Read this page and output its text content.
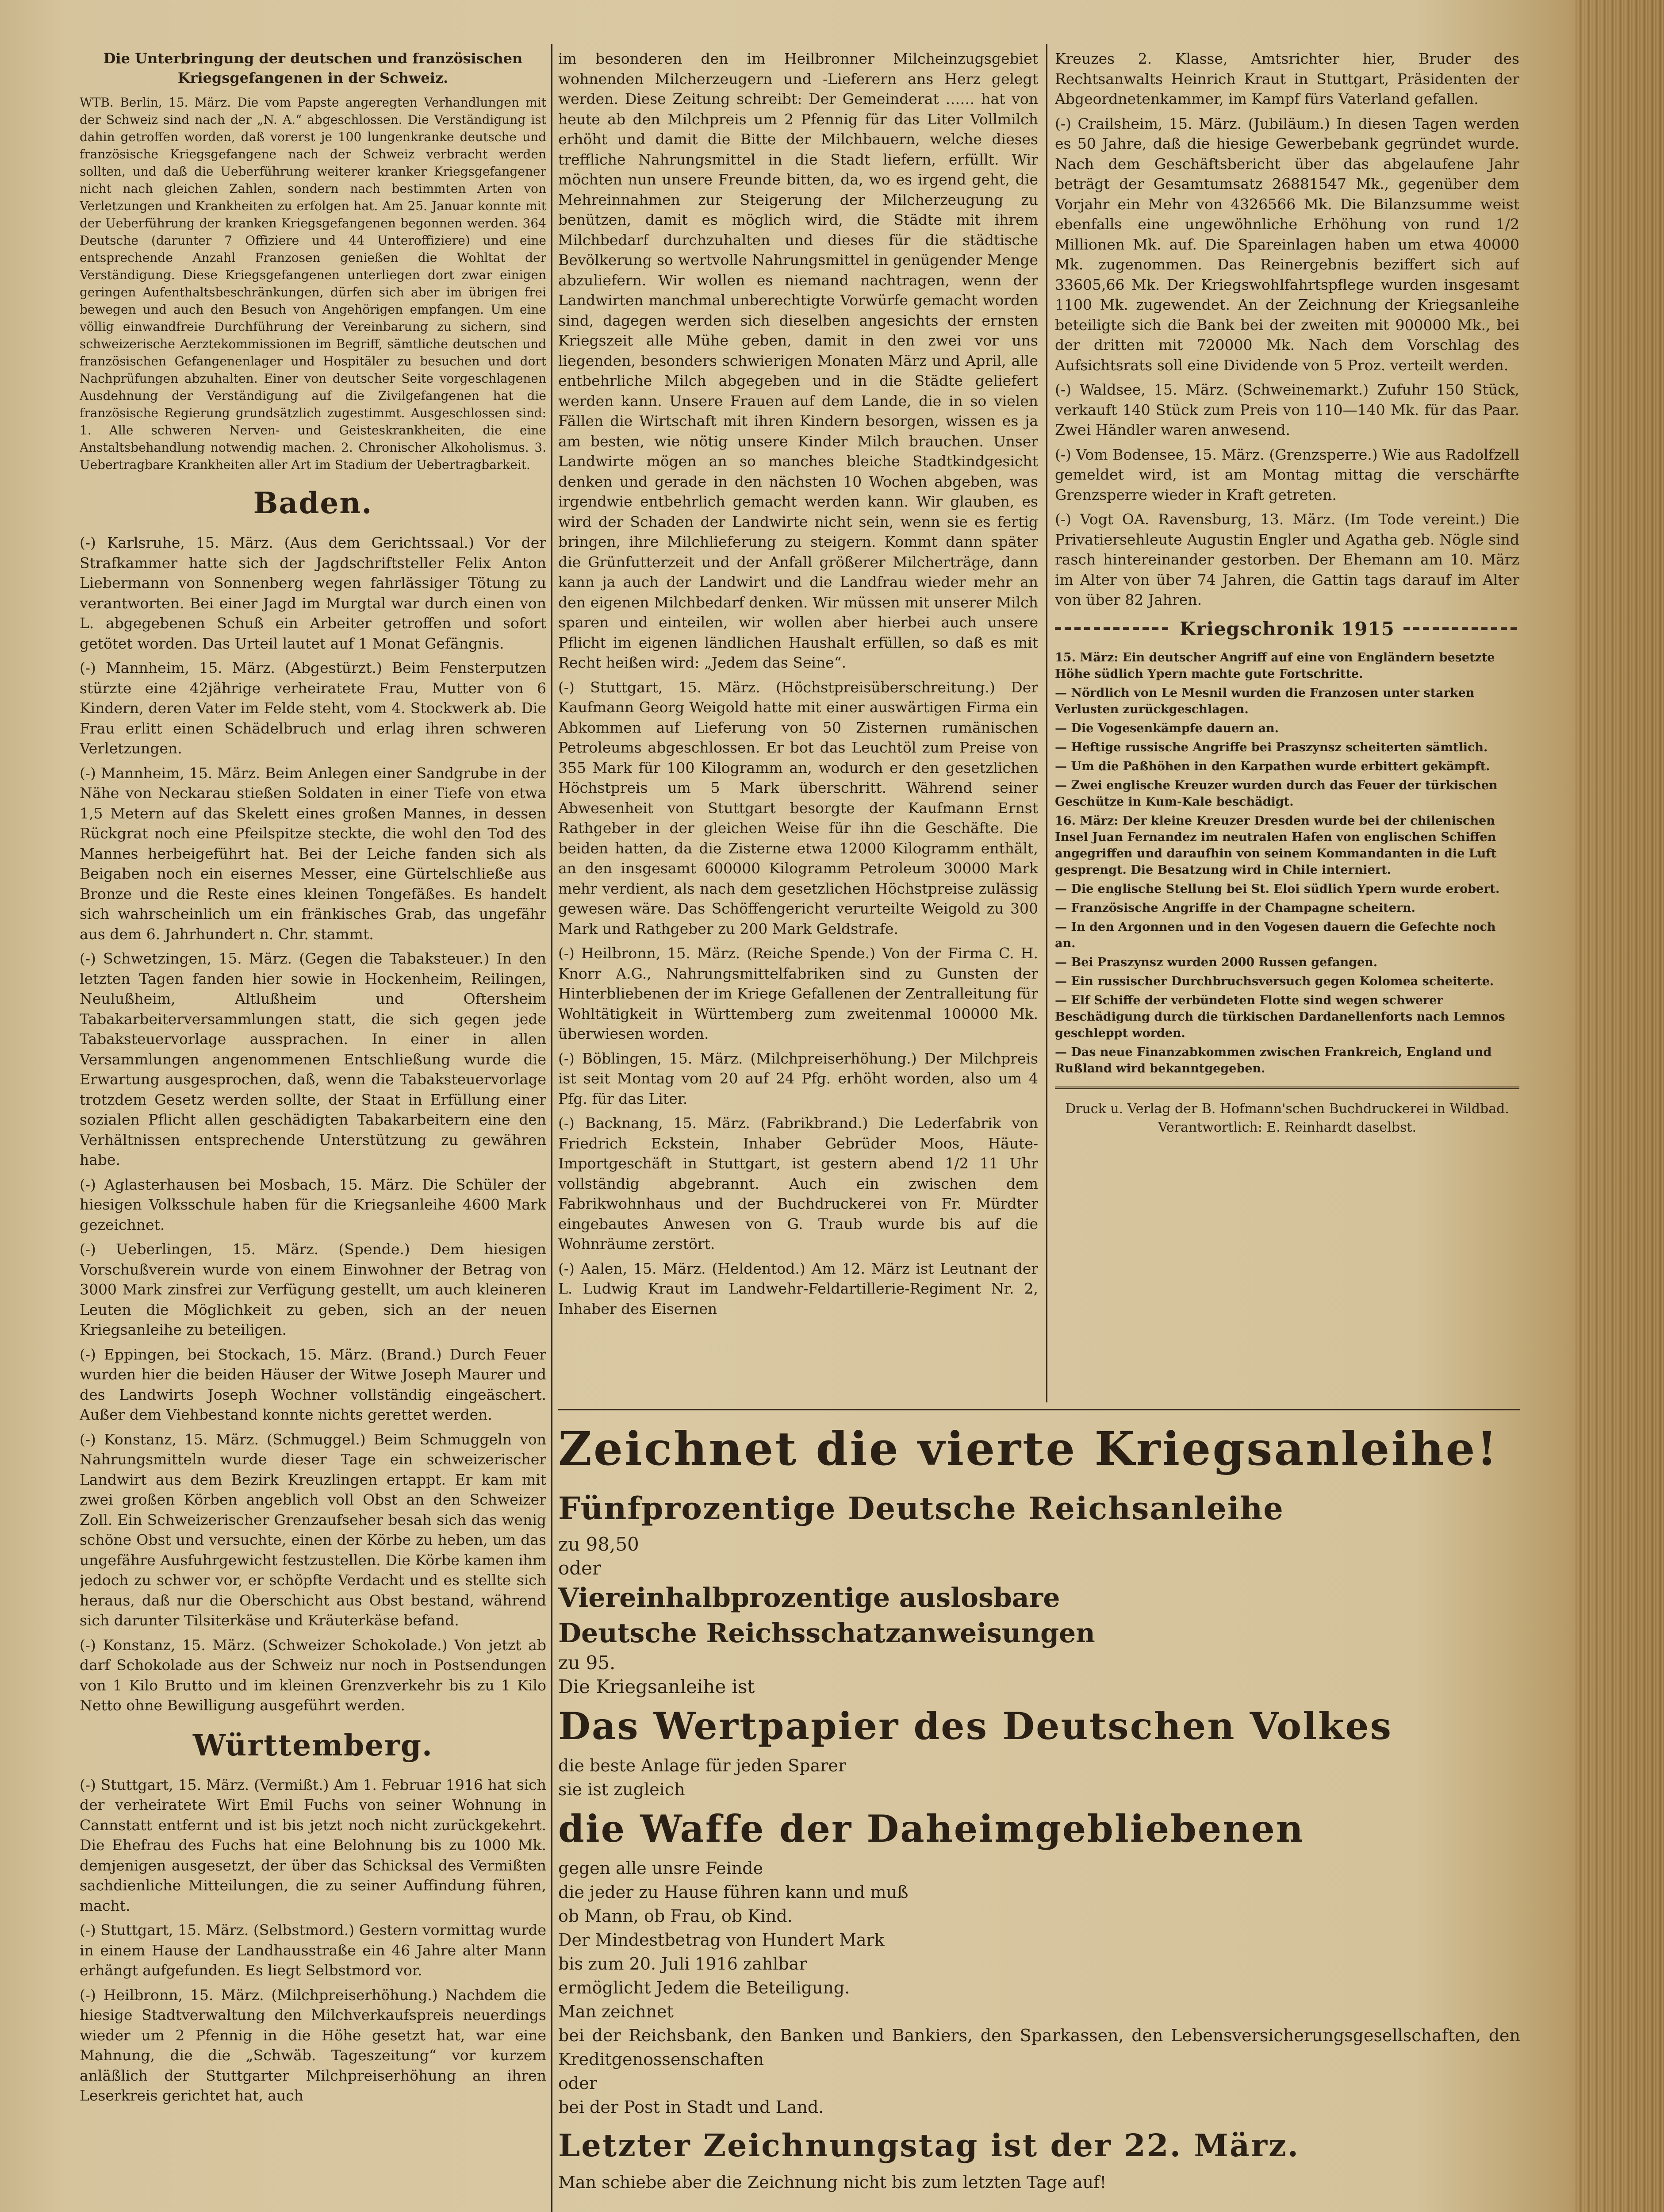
Die Unterbringung der deutschen und französischen Kriegsgefangenen in der Schweiz.

WTB. Berlin, 15. März. Die vom Papste angeregten Verhandlungen mit der Schweiz sind nach der „N. A.“ abgeschlossen. Die Verständigung ist dahin getroffen worden, daß vorerst je 100 lungenkranke deutsche und französische Kriegsgefangene nach der Schweiz verbracht werden sollten, und daß die Ueberführung weiterer kranker Kriegsgefangener nicht nach gleichen Zahlen, sondern nach bestimmten Arten von Verletzungen und Krankheiten zu erfolgen hat. Am 25. Januar konnte mit der Ueberführung der kranken Kriegsgefangenen begonnen werden. 364 Deutsche (darunter 7 Offiziere und 44 Unteroffiziere) und eine entsprechende Anzahl Franzosen genießen die Wohltat der Verständigung. Diese Kriegsgefangenen unterliegen dort zwar einigen geringen Aufenthaltsbeschränkungen, dürfen sich aber im übrigen frei bewegen und auch den Besuch von Angehörigen empfangen. Um eine völlig einwandfreie Durchführung der Vereinbarung zu sichern, sind schweizerische Aerztekommissionen im Begriff, sämtliche deutschen und französischen Gefangenenlager und Hospitäler zu besuchen und dort Nachprüfungen abzuhalten. Einer von deutscher Seite vorgeschlagenen Ausdehnung der Verständigung auf die Zivilgefangenen hat die französische Regierung grundsätzlich zugestimmt. Ausgeschlossen sind: 1. Alle schweren Nerven- und Geisteskrankheiten, die eine Anstaltsbehandlung notwendig machen. 2. Chronischer Alkoholismus. 3. Uebertragbare Krankheiten aller Art im Stadium der Uebertragbarkeit.

Baden.

(-) Karlsruhe, 15. März. (Aus dem Gerichtssaal.) Vor der Strafkammer hatte sich der Jagdschriftsteller Felix Anton Liebermann von Sonnenberg wegen fahrlässiger Tötung zu verantworten. Bei einer Jagd im Murgtal war durch einen von L. abgegebenen Schuß ein Arbeiter getroffen und sofort getötet worden. Das Urteil lautet auf 1 Monat Gefängnis.

(-) Mannheim, 15. März. (Abgestürzt.) Beim Fensterputzen stürzte eine 42jährige verheiratete Frau, Mutter von 6 Kindern, deren Vater im Felde steht, vom 4. Stockwerk ab. Die Frau erlitt einen Schädelbruch und erlag ihren schweren Verletzungen.

(-) Mannheim, 15. März. Beim Anlegen einer Sandgrube in der Nähe von Neckarau stießen Soldaten in einer Tiefe von etwa 1,5 Metern auf das Skelett eines großen Mannes, in dessen Rückgrat noch eine Pfeilspitze steckte, die wohl den Tod des Mannes herbeigeführt hat. Bei der Leiche fanden sich als Beigaben noch ein eisernes Messer, eine Gürtelschließe aus Bronze und die Reste eines kleinen Tongefäßes. Es handelt sich wahrscheinlich um ein fränkisches Grab, das ungefähr aus dem 6. Jahrhundert n. Chr. stammt.

(-) Schwetzingen, 15. März. (Gegen die Tabaksteuer.) In den letzten Tagen fanden hier sowie in Hockenheim, Reilingen, Neulußheim, Altlußheim und Oftersheim Tabakarbeiterversammlungen statt, die sich gegen jede Tabaksteuervorlage aussprachen. In einer in allen Versammlungen angenommenen Entschließung wurde die Erwartung ausgesprochen, daß, wenn die Tabaksteuervorlage trotzdem Gesetz werden sollte, der Staat in Erfüllung einer sozialen Pflicht allen geschädigten Tabakarbeitern eine den Verhältnissen entsprechende Unterstützung zu gewähren habe.

(-) Aglasterhausen bei Mosbach, 15. März. Die Schüler der hiesigen Volksschule haben für die Kriegsanleihe 4600 Mark gezeichnet.

(-) Ueberlingen, 15. März. (Spende.) Dem hiesigen Vorschußverein wurde von einem Einwohner der Betrag von 3000 Mark zinsfrei zur Verfügung gestellt, um auch kleineren Leuten die Möglichkeit zu geben, sich an der neuen Kriegsanleihe zu beteiligen.

(-) Eppingen, bei Stockach, 15. März. (Brand.) Durch Feuer wurden hier die beiden Häuser der Witwe Joseph Maurer und des Landwirts Joseph Wochner vollständig eingeäschert. Außer dem Viehbestand konnte nichts gerettet werden.

(-) Konstanz, 15. März. (Schmuggel.) Beim Schmuggeln von Nahrungsmitteln wurde dieser Tage ein schweizerischer Landwirt aus dem Bezirk Kreuzlingen ertappt. Er kam mit zwei großen Körben angeblich voll Obst an den Schweizer Zoll. Ein Schweizerischer Grenzaufseher besah sich das wenig schöne Obst und versuchte, einen der Körbe zu heben, um das ungefähre Ausfuhrgewicht festzustellen. Die Körbe kamen ihm jedoch zu schwer vor, er schöpfte Verdacht und es stellte sich heraus, daß nur die Oberschicht aus Obst bestand, während sich darunter Tilsiterkäse und Kräuterkäse befand.

(-) Konstanz, 15. März. (Schweizer Schokolade.) Von jetzt ab darf Schokolade aus der Schweiz nur noch in Postsendungen von 1 Kilo Brutto und im kleinen Grenzverkehr bis zu 1 Kilo Netto ohne Bewilligung ausgeführt werden.

Württemberg.

(-) Stuttgart, 15. März. (Vermißt.) Am 1. Februar 1916 hat sich der verheiratete Wirt Emil Fuchs von seiner Wohnung in Cannstatt entfernt und ist bis jetzt noch nicht zurückgekehrt. Die Ehefrau des Fuchs hat eine Belohnung bis zu 1000 Mk. demjenigen ausgesetzt, der über das Schicksal des Vermißten sachdienliche Mitteilungen, die zu seiner Auffindung führen, macht.

(-) Stuttgart, 15. März. (Selbstmord.) Gestern vormittag wurde in einem Hause der Landhausstraße ein 46 Jahre alter Mann erhängt aufgefunden. Es liegt Selbstmord vor.

(-) Heilbronn, 15. März. (Milchpreiserhöhung.) Nachdem die hiesige Stadtverwaltung den Milchverkaufspreis neuerdings wieder um 2 Pfennig in die Höhe gesetzt hat, war eine Mahnung, die die „Schwäb. Tageszeitung“ vor kurzem anläßlich der Stuttgarter Milchpreiserhöhung an ihren Leserkreis gerichtet hat, auch

im besonderen den im Heilbronner Milcheinzugsgebiet wohnenden Milcherzeugern und -Lieferern ans Herz gelegt werden. Diese Zeitung schreibt: Der Gemeinderat …… hat von heute ab den Milchpreis um 2 Pfennig für das Liter Vollmilch erhöht und damit die Bitte der Milchbauern, welche dieses treffliche Nahrungsmittel in die Stadt liefern, erfüllt. Wir möchten nun unsere Freunde bitten, da, wo es irgend geht, die Mehreinnahmen zur Steigerung der Milcherzeugung zu benützen, damit es möglich wird, die Städte mit ihrem Milchbedarf durchzuhalten und dieses für die städtische Bevölkerung so wertvolle Nahrungsmittel in genügender Menge abzuliefern. Wir wollen es niemand nachtragen, wenn der Landwirten manchmal unberechtigte Vorwürfe gemacht worden sind, dagegen werden sich dieselben angesichts der ernsten Kriegszeit alle Mühe geben, damit in den zwei vor uns liegenden, besonders schwierigen Monaten März und April, alle entbehrliche Milch abgegeben und in die Städte geliefert werden kann. Unsere Frauen auf dem Lande, die in so vielen Fällen die Wirtschaft mit ihren Kindern besorgen, wissen es ja am besten, wie nötig unsere Kinder Milch brauchen. Unser Landwirte mögen an so manches bleiche Stadtkindgesicht denken und gerade in den nächsten 10 Wochen abgeben, was irgendwie entbehrlich gemacht werden kann. Wir glauben, es wird der Schaden der Landwirte nicht sein, wenn sie es fertig bringen, ihre Milchlieferung zu steigern. Kommt dann später die Grünfutterzeit und der Anfall größerer Milcherträge, dann kann ja auch der Landwirt und die Landfrau wieder mehr an den eigenen Milchbedarf denken. Wir müssen mit unserer Milch sparen und einteilen, wir wollen aber hierbei auch unsere Pflicht im eigenen ländlichen Haushalt erfüllen, so daß es mit Recht heißen wird: „Jedem das Seine“.

(-) Stuttgart, 15. März. (Höchstpreisüberschreitung.) Der Kaufmann Georg Weigold hatte mit einer auswärtigen Firma ein Abkommen auf Lieferung von 50 Zisternen rumänischen Petroleums abgeschlossen. Er bot das Leuchtöl zum Preise von 355 Mark für 100 Kilogramm an, wodurch er den gesetzlichen Höchstpreis um 5 Mark überschritt. Während seiner Abwesenheit von Stuttgart besorgte der Kaufmann Ernst Rathgeber in der gleichen Weise für ihn die Geschäfte. Die beiden hatten, da die Zisterne etwa 12000 Kilogramm enthält, an den insgesamt 600000 Kilogramm Petroleum 30000 Mark mehr verdient, als nach dem gesetzlichen Höchstpreise zulässig gewesen wäre. Das Schöffengericht verurteilte Weigold zu 300 Mark und Rathgeber zu 200 Mark Geldstrafe.

(-) Heilbronn, 15. März. (Reiche Spende.) Von der Firma C. H. Knorr A.G., Nahrungsmittelfabriken sind zu Gunsten der Hinterbliebenen der im Kriege Gefallenen der Zentralleitung für Wohltätigkeit in Württemberg zum zweitenmal 100000 Mk. überwiesen worden.

(-) Böblingen, 15. März. (Milchpreiserhöhung.) Der Milchpreis ist seit Montag vom 20 auf 24 Pfg. erhöht worden, also um 4 Pfg. für das Liter.

(-) Backnang, 15. März. (Fabrikbrand.) Die Lederfabrik von Friedrich Eckstein, Inhaber Gebrüder Moos, Häute-Importgeschäft in Stuttgart, ist gestern abend 1/2 11 Uhr vollständig abgebrannt. Auch ein zwischen dem Fabrikwohnhaus und der Buchdruckerei von Fr. Mürdter eingebautes Anwesen von G. Traub wurde bis auf die Wohnräume zerstört.

(-) Aalen, 15. März. (Heldentod.) Am 12. März ist Leutnant der L. Ludwig Kraut im Landwehr-Feldartillerie-Regiment Nr. 2, Inhaber des Eisernen

Kreuzes 2. Klasse, Amtsrichter hier, Bruder des Rechtsanwalts Heinrich Kraut in Stuttgart, Präsidenten der Abgeordnetenkammer, im Kampf fürs Vaterland gefallen.

(-) Crailsheim, 15. März. (Jubiläum.) In diesen Tagen werden es 50 Jahre, daß die hiesige Gewerbebank gegründet wurde. Nach dem Geschäftsbericht über das abgelaufene Jahr beträgt der Gesamtumsatz 26881547 Mk., gegenüber dem Vorjahr ein Mehr von 4326566 Mk. Die Bilanzsumme weist ebenfalls eine ungewöhnliche Erhöhung von rund 1/2 Millionen Mk. auf. Die Spareinlagen haben um etwa 40000 Mk. zugenommen. Das Reinergebnis beziffert sich auf 33605,66 Mk. Der Kriegswohlfahrtspflege wurden insgesamt 1100 Mk. zugewendet. An der Zeichnung der Kriegsanleihe beteiligte sich die Bank bei der zweiten mit 900000 Mk., bei der dritten mit 720000 Mk. Nach dem Vorschlag des Aufsichtsrats soll eine Dividende von 5 Proz. verteilt werden.

(-) Waldsee, 15. März. (Schweinemarkt.) Zufuhr 150 Stück, verkauft 140 Stück zum Preis von 110—140 Mk. für das Paar. Zwei Händler waren anwesend.

(-) Vom Bodensee, 15. März. (Grenzsperre.) Wie aus Radolfzell gemeldet wird, ist am Montag mittag die verschärfte Grenzsperre wieder in Kraft getreten.

(-) Vogt OA. Ravensburg, 13. März. (Im Tode vereint.) Die Privatiersehleute Augustin Engler und Agatha geb. Nögle sind rasch hintereinander gestorben. Der Ehemann am 10. März im Alter von über 74 Jahren, die Gattin tags darauf im Alter von über 82 Jahren.

Kriegschronik 1915

15. März: Ein deutscher Angriff auf eine von Engländern besetzte Höhe südlich Ypern machte gute Fortschritte.

— Nördlich von Le Mesnil wurden die Franzosen unter starken Verlusten zurückgeschlagen.

— Die Vogesenkämpfe dauern an.

— Heftige russische Angriffe bei Praszynsz scheiterten sämtlich.

— Um die Paßhöhen in den Karpathen wurde erbittert gekämpft.

— Zwei englische Kreuzer wurden durch das Feuer der türkischen Geschütze in Kum-Kale beschädigt.

16. März: Der kleine Kreuzer Dresden wurde bei der chilenischen Insel Juan Fernandez im neutralen Hafen von englischen Schiffen angegriffen und daraufhin von seinem Kommandanten in die Luft gesprengt. Die Besatzung wird in Chile interniert.

— Die englische Stellung bei St. Eloi südlich Ypern wurde erobert.

— Französische Angriffe in der Champagne scheitern.

— In den Argonnen und in den Vogesen dauern die Gefechte noch an.

— Bei Praszynsz wurden 2000 Russen gefangen.

— Ein russischer Durchbruchsversuch gegen Kolomea scheiterte.

— Elf Schiffe der verbündeten Flotte sind wegen schwerer Beschädigung durch die türkischen Dardanellenforts nach Lemnos geschleppt worden.

— Das neue Finanzabkommen zwischen Frankreich, England und Rußland wird bekanntgegeben.

Druck u. Verlag der B. Hofmann'schen Buchdruckerei in Wildbad. Verantwortlich: E. Reinhardt daselbst.

Zeichnet die vierte Kriegsanleihe!

Fünfprozentige Deutsche Reichsanleihe

zu 98,50

oder

Viereinhalbprozentige auslosbare

Deutsche Reichsschatzanweisungen

zu 95.

Die Kriegsanleihe ist

Das Wertpapier des Deutschen Volkes

die beste Anlage für jeden Sparer

sie ist zugleich

die Waffe der Daheimgebliebenen

gegen alle unsre Feinde

die jeder zu Hause führen kann und muß

ob Mann, ob Frau, ob Kind.

Der Mindestbetrag von Hundert Mark

bis zum 20. Juli 1916 zahlbar

ermöglicht Jedem die Beteiligung.

Man zeichnet

bei der Reichsbank, den Banken und Bankiers, den Sparkassen, den Lebensversicherungsgesellschaften, den Kreditgenossenschaften

oder

bei der Post in Stadt und Land.

Letzter Zeichnungstag ist der 22. März.

Man schiebe aber die Zeichnung nicht bis zum letzten Tage auf!
